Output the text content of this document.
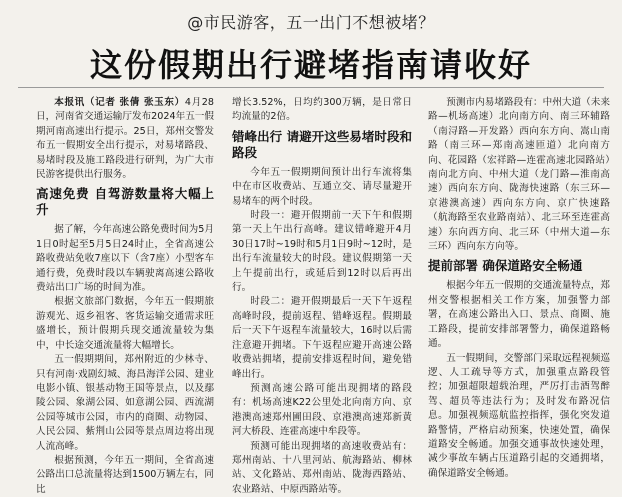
@市民游客，五一出门不想被堵？
这份假期出行避堵指南请收好

本报讯（记者 张倩 张玉东）4月28日，河南省交通运输厅发布2024年五一假期河南高速出行提示。25日，郑州交警发布五一假期安全出行提示，对易堵路段、易堵时段及施工路段进行研判，为广大市民游客提供出行服务。

高速免费 自驾游数量将大幅上升

据了解，今年高速公路免费时间为5月1日0时起至5月5日24时止，全省高速公路收费站免收7座以下（含7座）小型客车通行费，免费时段以车辆驶离高速公路收费站出口广场的时间为准。

根据文旅部门数据，今年五一假期旅游观光、返乡祖客、客货运输交通需求旺盛增长，预计假期兵现交通流量较为集中，中长途交通流量将大幅增长。

五一假期期间，郑州附近的少林寺、只有河南·戏剧幻城、海昌海洋公园、建业电影小镇、银基动物王国等景点，以及鄢陵公园、象湖公园、如意湖公园、西流湖公园等城市公园，市内的商圈、动物园、人民公园、紫荆山公园等景点周边将出现人流高峰。

根据预测，今年五一期间，全省高速公路出口总流量将达到1500万辆左右，同比

增长3.52%，日均约300万辆，是日常日均流量的2倍。

错峰出行 请避开这些易堵时段和路段

今年五一假期期间预计出行车流将集中在市区收费站、互通立交、请尽量避开易堵车的两个时段。

时段一：避开假期前一天下午和假期第一天上午出行高峰。建议错峰避开4月30日17时~19时和5月1日9时~12时，是出行车流量较大的时段。建议假期第一天上午提前出行，或延后到12时以后再出行。

时段二：避开假期最后一天下午返程高峰时段，提前返程、错峰返程。假期最后一天下午返程车流量较大，16时以后需注意避开拥堵。下午返程应避开高速公路收费站拥堵，提前安排返程时间，避免错峰出行。

预测高速公路可能出现拥堵的路段有：机场高速K22公里处北向南方向、京港澳高速郑州圃田段、京港澳高速郑新黄河大桥段、连霍高速中牟段等。

预测可能出现拥堵的高速收费站有：郑州南站、十八里河站、航海路站、柳林站、文化路站、郑州南站、陇海西路站、农业路站、中原西路站等。

预测市内易堵路段有：中州大道（未来路—机场高速）北向南方向、南三环辅路（南浔路—开发路）西向东方向、嵩山南路（南三环—郑南高速匝道）北向南方向、花园路（宏祥路—连霍高速北园路站）南向北方向、中州大道（龙门路—淮南高速）西向东方向、陇海快速路（东三环—京港澳高速）西向东方向、京广快速路（航海路至农业路南站）、北三环至连霍高速）东向西方向、北三环（中州大道—东三环）西向东方向等。

提前部署 确保道路安全畅通

根据今年五一假期的交通流量特点，郑州交警根据相关工作方案，加强警力部署，在高速公路出入口、景点、商圈、施工路段，提前安排部署警力，确保道路畅通。

五一假期间，交警部门采取远程视频巡逻、人工疏导等方式，加强重点路段管控；加强超限超载治理，严厉打击酒驾醉驾、超员等违法行为；及时发布路况信息。加强视频巡航监控指挥，强化突发道路警情，严格启动预案，快速处置，确保道路安全畅通。加强交通事故快速处理，减少事故车辆占压道路引起的交通拥堵，确保道路安全畅通。
